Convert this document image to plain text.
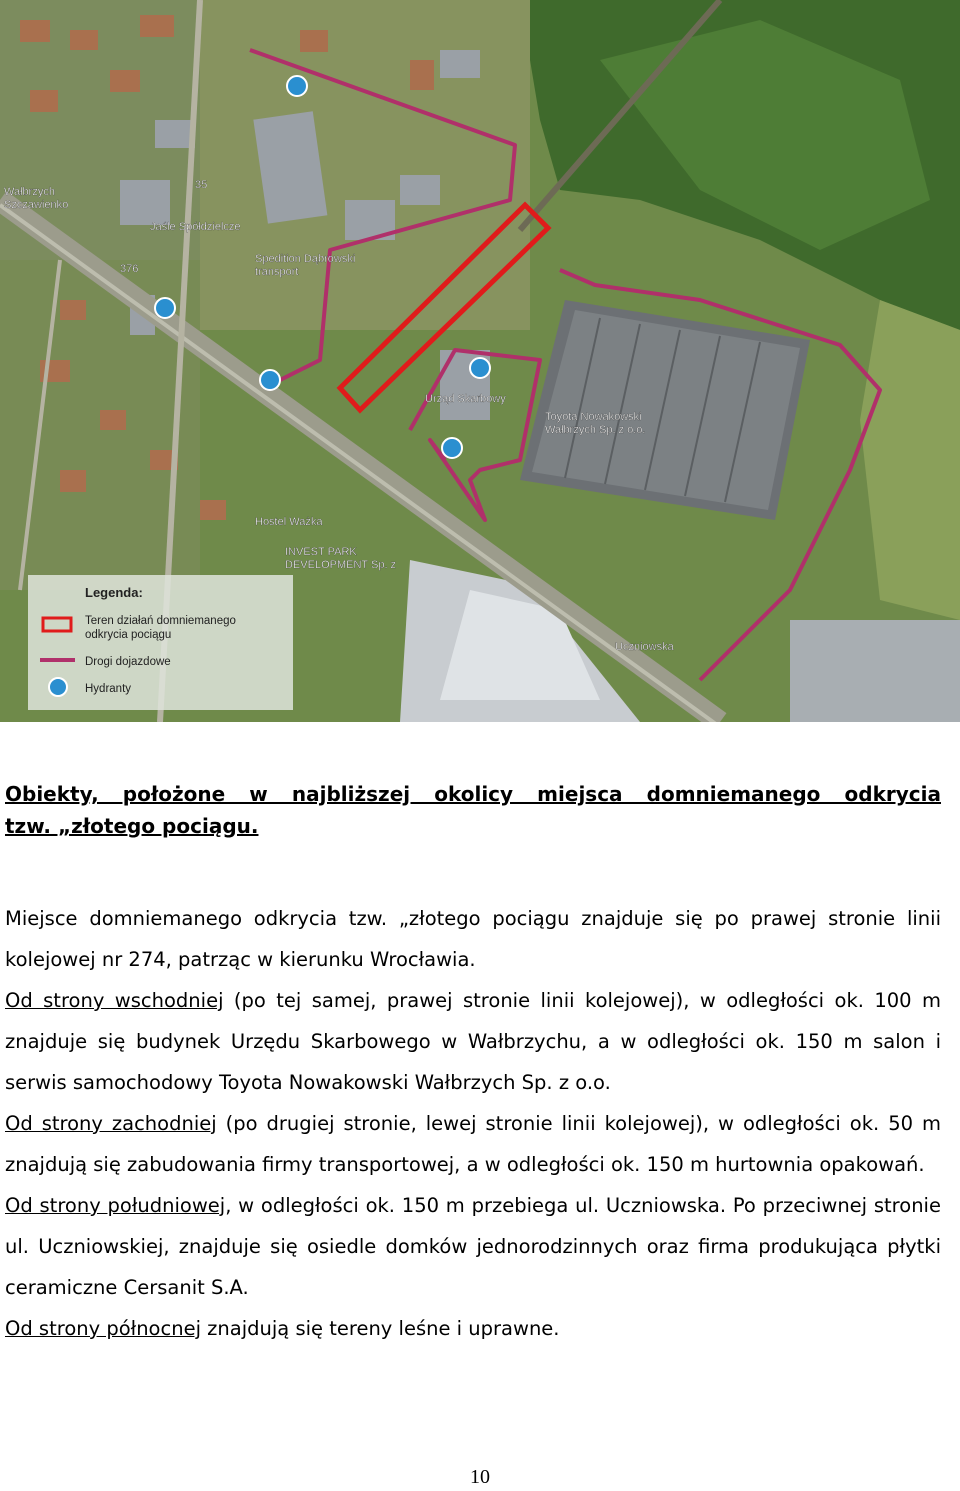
Wałbrzych Szczawienko
35
376
Jaśle Spółdzielcze
Spedition Dąbrowski transport
Urząd Skarbowy
Toyota Nowakowski Wałbrzych Sp. z o.o.
Hostel Ważka
INVEST PARK DEVELOPMENT Sp. z
Uczniowska
Legenda:
Teren działań domniemanego
odkrycia pociągu
Drogi dojazdowe
Hydranty
Obiekty, położone w najbliższej okolicy miejsca domniemanego odkrycia
tzw. „złotego pociągu.

Miejsce domniemanego odkrycia tzw. „złotego pociągu znajduje się po prawej stronie linii kolejowej nr 274, patrząc w kierunku Wrocławia.

Od strony wschodniej (po tej samej, prawej stronie linii kolejowej), w odległości ok. 100 m znajduje się budynek Urzędu Skarbowego w Wałbrzychu, a w odległości ok. 150 m salon i serwis samochodowy Toyota Nowakowski Wałbrzych Sp. z o.o.

Od strony zachodniej (po drugiej stronie, lewej stronie linii kolejowej), w odległości ok. 50 m znajdują się zabudowania firmy transportowej, a w odległości ok. 150 m hurtownia opakowań.

Od strony południowej, w odległości ok. 150 m przebiega ul. Uczniowska. Po przeciwnej stronie ul. Uczniowskiej, znajduje się osiedle domków jednorodzinnych oraz firma produkująca płytki ceramiczne Cersanit S.A.

Od strony północnej znajdują się tereny leśne i uprawne.

10
